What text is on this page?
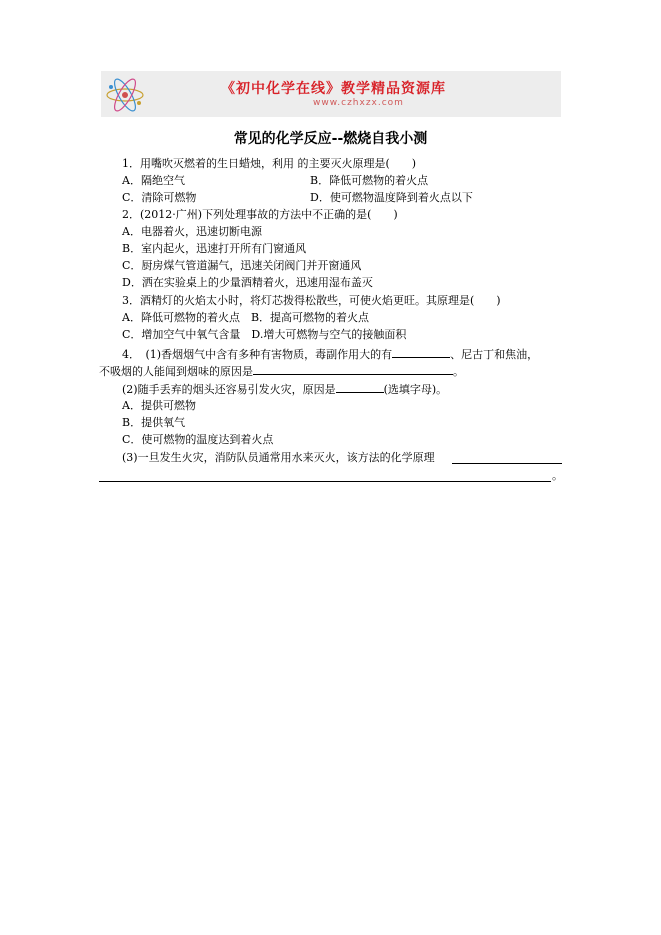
《初中化学在线》教学精品资源库
www.czhxzx.com
常见的化学反应--燃烧自我小测
1．用嘴吹灭燃着的生日蜡烛，利用 的主要灭火原理是(　　)
A．隔绝空气	B．降低可燃物的着火点
C．清除可燃物	D．使可燃物温度降到着火点以下
2．(2012·广州)下列处理事故的方法中不正确的是(　　)
A．电器着火，迅速切断电源
B．室内起火，迅速打开所有门窗通风
C．厨房煤气管道漏气，迅速关闭阀门并开窗通风
D．洒在实验桌上的少量酒精着火，迅速用湿布盖灭
3．酒精灯的火焰太小时，将灯芯拨得松散些，可使火焰更旺。其原理是(　　)
A．降低可燃物的着火点　B．提高可燃物的着火点
C．增加空气中氧气含量　D.增大可燃物与空气的接触面积
4．　(1)香烟烟气中含有多种有害物质，毒副作用大的有	、尼古丁和焦油，
不吸烟的人能闻到烟味的原因是	。
(2)随手丢弃的烟头还容易引发火灾，原因是	(选填字母)。
A．提供可燃物
B．提供氧气
C．使可燃物的温度达到着火点
(3)一旦发生火灾，消防队员通常用水来灭火，该方法的化学原理
。
